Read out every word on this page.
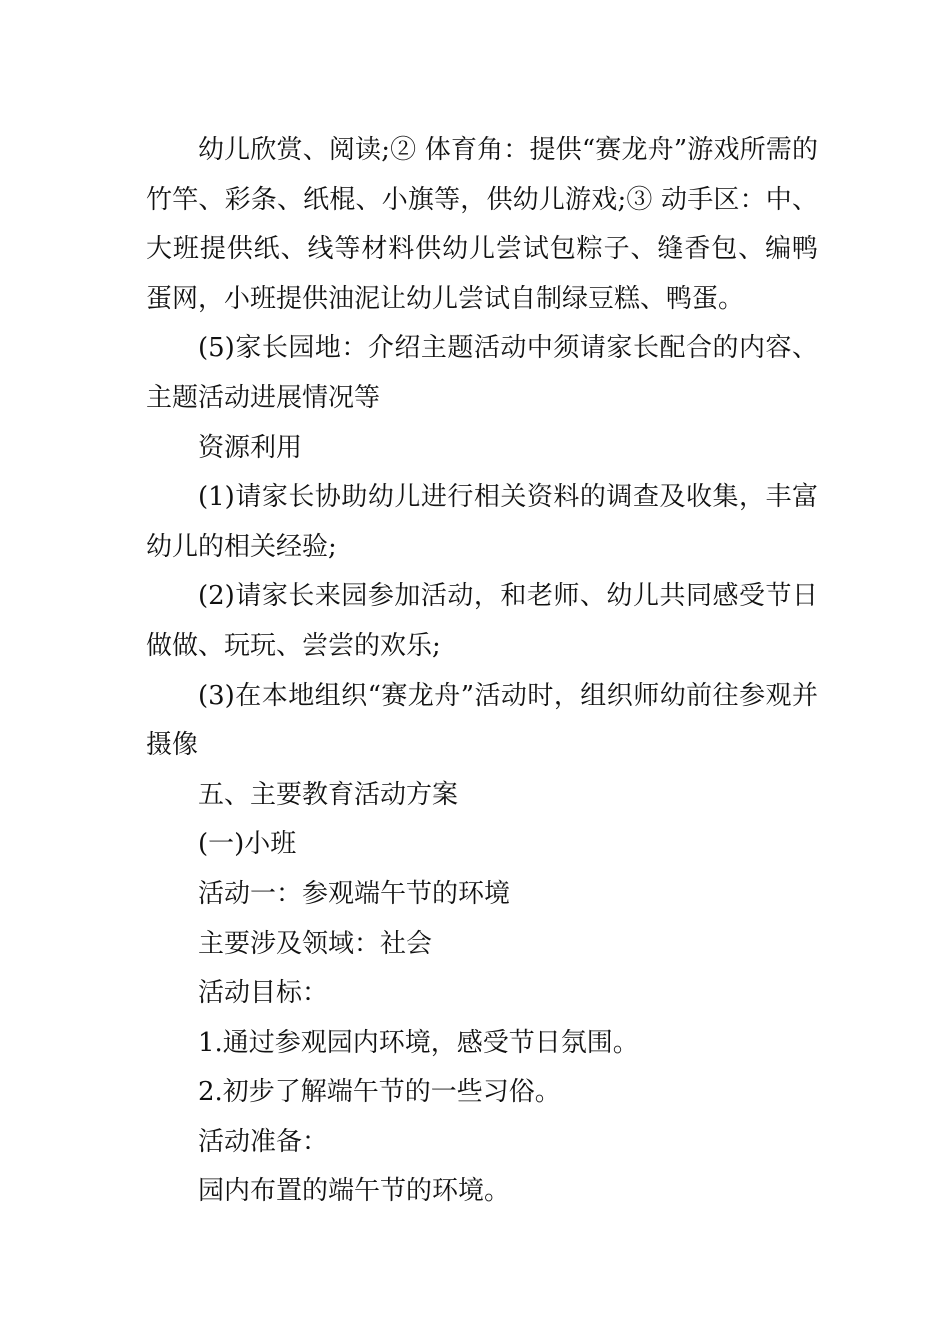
幼儿欣赏、阅读;② 体育角：提供“赛龙舟”游戏所需的竹竿、彩条、纸棍、小旗等，供幼儿游戏;③ 动手区：中、大班提供纸、线等材料供幼儿尝试包粽子、缝香包、编鸭蛋网，小班提供油泥让幼儿尝试自制绿豆糕、鸭蛋。

(5)家长园地：介绍主题活动中须请家长配合的内容、主题活动进展情况等

资源利用

(1)请家长协助幼儿进行相关资料的调查及收集，丰富幼儿的相关经验;

(2)请家长来园参加活动，和老师、幼儿共同感受节日做做、玩玩、尝尝的欢乐;

(3)在本地组织“赛龙舟”活动时，组织师幼前往参观并摄像

五、主要教育活动方案

(一)小班

活动一：参观端午节的环境

主要涉及领域：社会

活动目标：

1.通过参观园内环境，感受节日氛围。

2.初步了解端午节的一些习俗。

活动准备：

园内布置的端午节的环境。
